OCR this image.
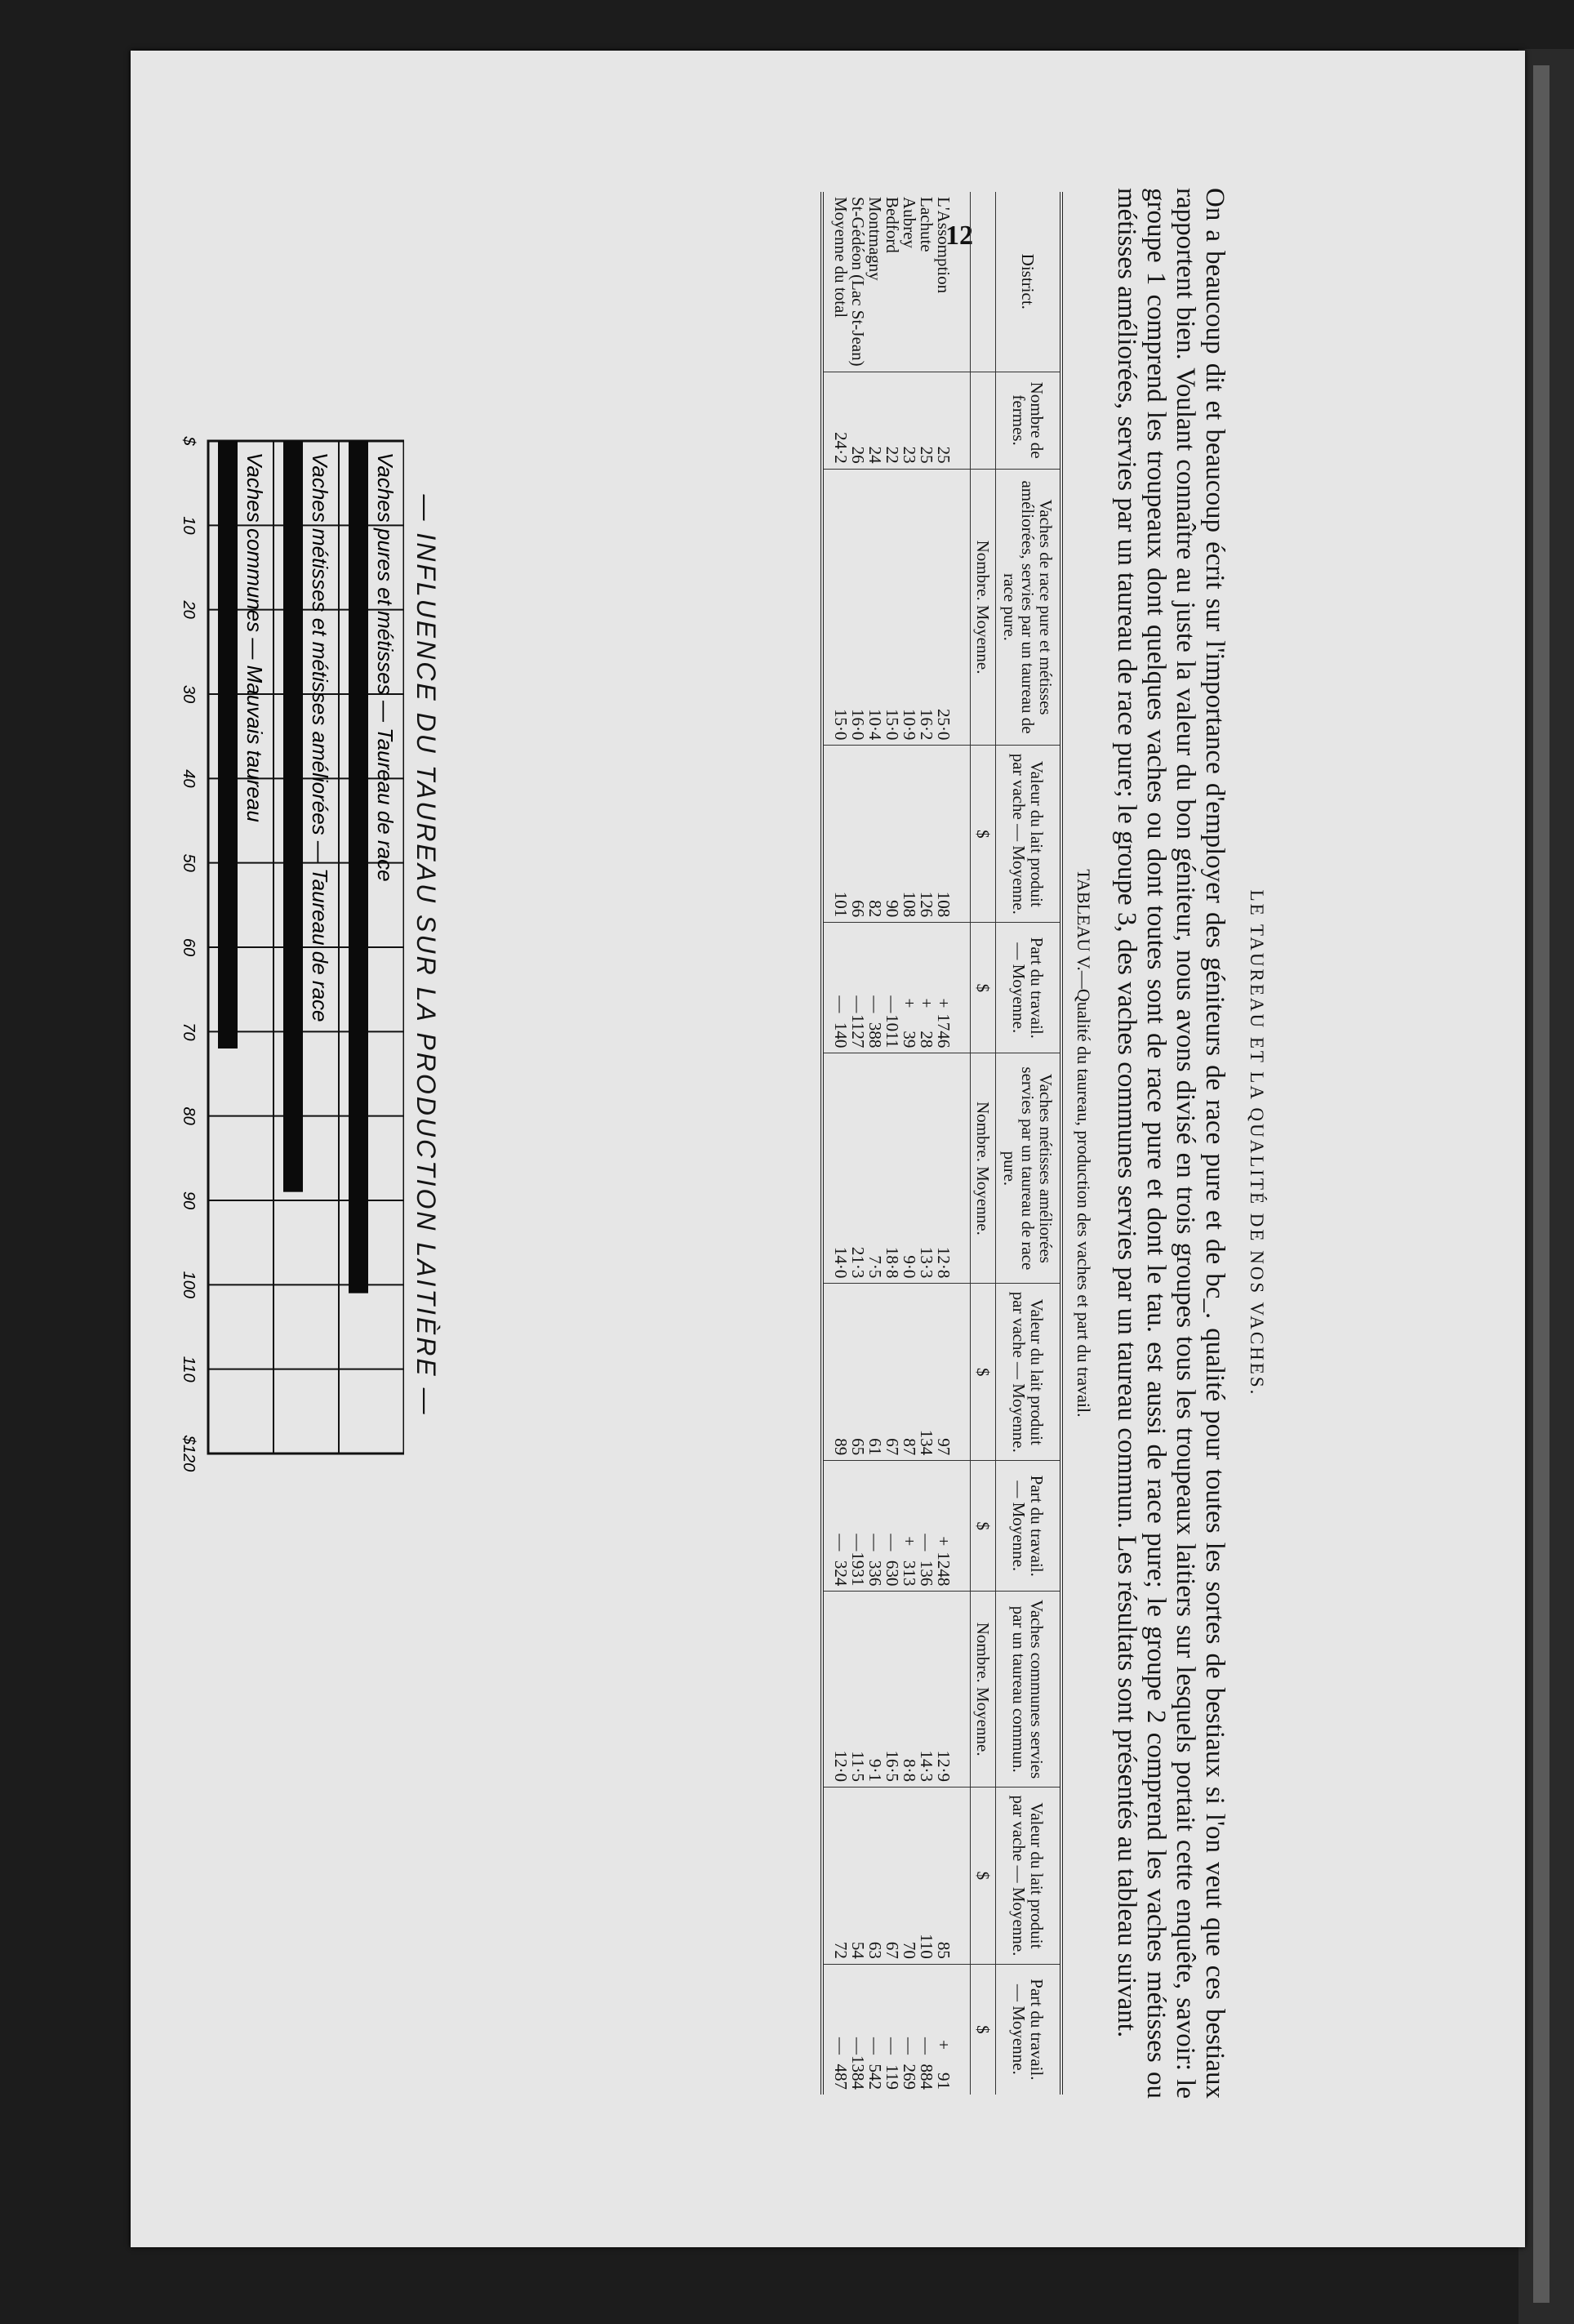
12
LE TAUREAU ET LA QUALITÉ DE NOS VACHES.

On a beaucoup dit et beaucoup écrit sur l'importance d'employer des géniteurs de race pure et de bc_. qualité pour toutes les sortes de bestiaux si l'on veut que ces bestiaux rapportent bien. Voulant connaître au juste la valeur du bon géniteur, nous avons divisé en trois groupes tous les troupeaux laitiers sur lesquels portait cette enquête, savoir: le groupe 1 comprend les troupeaux dont quelques vaches ou dont toutes sont de race pure et dont le tau. est aussi de race pure; le groupe 2 comprend les vaches métisses ou métisses améliorées, servies par un taureau de race pure; le groupe 3, des vaches communes servies par un taureau commun. Les résultats sont présentés au tableau suivant.

TABLEAU V.—Qualité du taureau, production des vaches et part du travail.
District.	Nombre de fermes.	Vaches de race pure et métisses améliorées, servies par un taureau de race pure.	Valeur du lait produit par vache — Moyenne.	Part du travail. — Moyenne.	Vaches métisses améliorées servies par un taureau de race pure.	Valeur du lait produit par vache — Moyenne.	Part du travail. — Moyenne.	Vaches communes servies par un taureau commun.	Valeur du lait produit par vache — Moyenne.	Part du travail. — Moyenne.
		Nombre. Moyenne.	$	$	Nombre. Moyenne.	$	$	Nombre. Moyenne.	$	$
L'Assomption	25	25·0	108	+1746	12·8	97	+1248	12·9	85	+91
Lachute	25	16·2	126	+28	13·3	134	—136	14·3	110	—884
Aubrey	23	10·9	108	+39	9·0	87	+313	8·8	70	—269
Bedford	22	15·0	90	—1011	18·8	67	—630	16·5	67	—119
Montmagny	24	10·4	82	—388	7·5	61	—336	9·1	63	—542
St-Gédéon (Lac St-Jean)	26	16·0	66	—1127	21·3	65	—1931	11·5	54	—1384
Moyenne du total	24·2	15·0	101	—140	14·0	89	—324	12·0	72	—487
— INFLUENCE DU TAUREAU SUR LA PRODUCTION LAITIÈRE —
$
10
20
30
40
50
60
70
80
90
100
110
$120
Vaches pures et métisses — Taureau de race
Vaches métisses et métisses améliorées — Taureau de race
Vaches communes — Mauvais taureau
